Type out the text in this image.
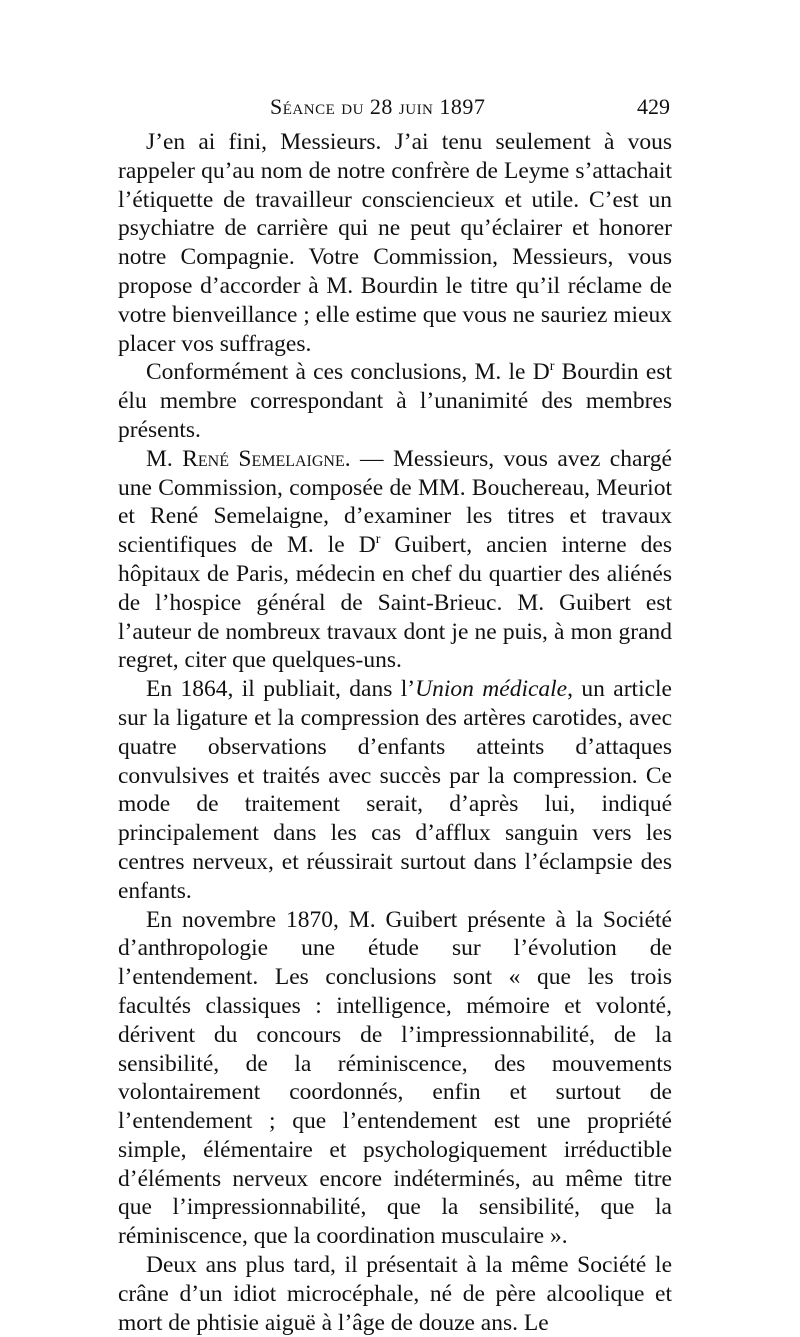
Séance du 28 juin 1897	429

J’en ai fini, Messieurs. J’ai tenu seulement à vous rappeler qu’au nom de notre confrère de Leyme s’attachait l’étiquette de travailleur consciencieux et utile. C’est un psychiatre de carrière qui ne peut qu’éclairer et honorer notre Compagnie. Votre Commission, Messieurs, vous propose d’accorder à M. Bourdin le titre qu’il réclame de votre bienveillance ; elle estime que vous ne sauriez mieux placer vos suffrages.

Conformément à ces conclusions, M. le $D^r$ Bourdin est élu membre correspondant à l’unanimité des membres présents.

M. René Semelaigne. — Messieurs, vous avez chargé une Commission, composée de MM. Bouchereau, Meuriot et René Semelaigne, d’examiner les titres et travaux scientifiques de M. le $D^r$ Guibert, ancien interne des hôpitaux de Paris, médecin en chef du quartier des aliénés de l’hospice général de Saint-Brieuc. M. Guibert est l’auteur de nombreux travaux dont je ne puis, à mon grand regret, citer que quelques-uns.

En 1864, il publiait, dans l’Union médicale, un article sur la ligature et la compression des artères carotides, avec quatre observations d’enfants atteints d’attaques convulsives et traités avec succès par la compression. Ce mode de traitement serait, d’après lui, indiqué principalement dans les cas d’afflux sanguin vers les centres nerveux, et réussirait surtout dans l’éclampsie des enfants.

En novembre 1870, M. Guibert présente à la Société d’anthropologie une étude sur l’évolution de l’entendement. Les conclusions sont « que les trois facultés classiques : intelligence, mémoire et volonté, dérivent du concours de l’impressionnabilité, de la sensibilité, de la réminiscence, des mouvements volontairement coordonnés, enfin et surtout de l’entendement ; que l’entendement est une propriété simple, élémentaire et psychologiquement irréductible d’éléments nerveux encore indéterminés, au même titre que l’impressionnabilité, que la sensibilité, que la réminiscence, que la coordination musculaire ».

Deux ans plus tard, il présentait à la même Société le crâne d’un idiot microcéphale, né de père alcoolique et mort de phtisie aiguë à l’âge de douze ans. Le
